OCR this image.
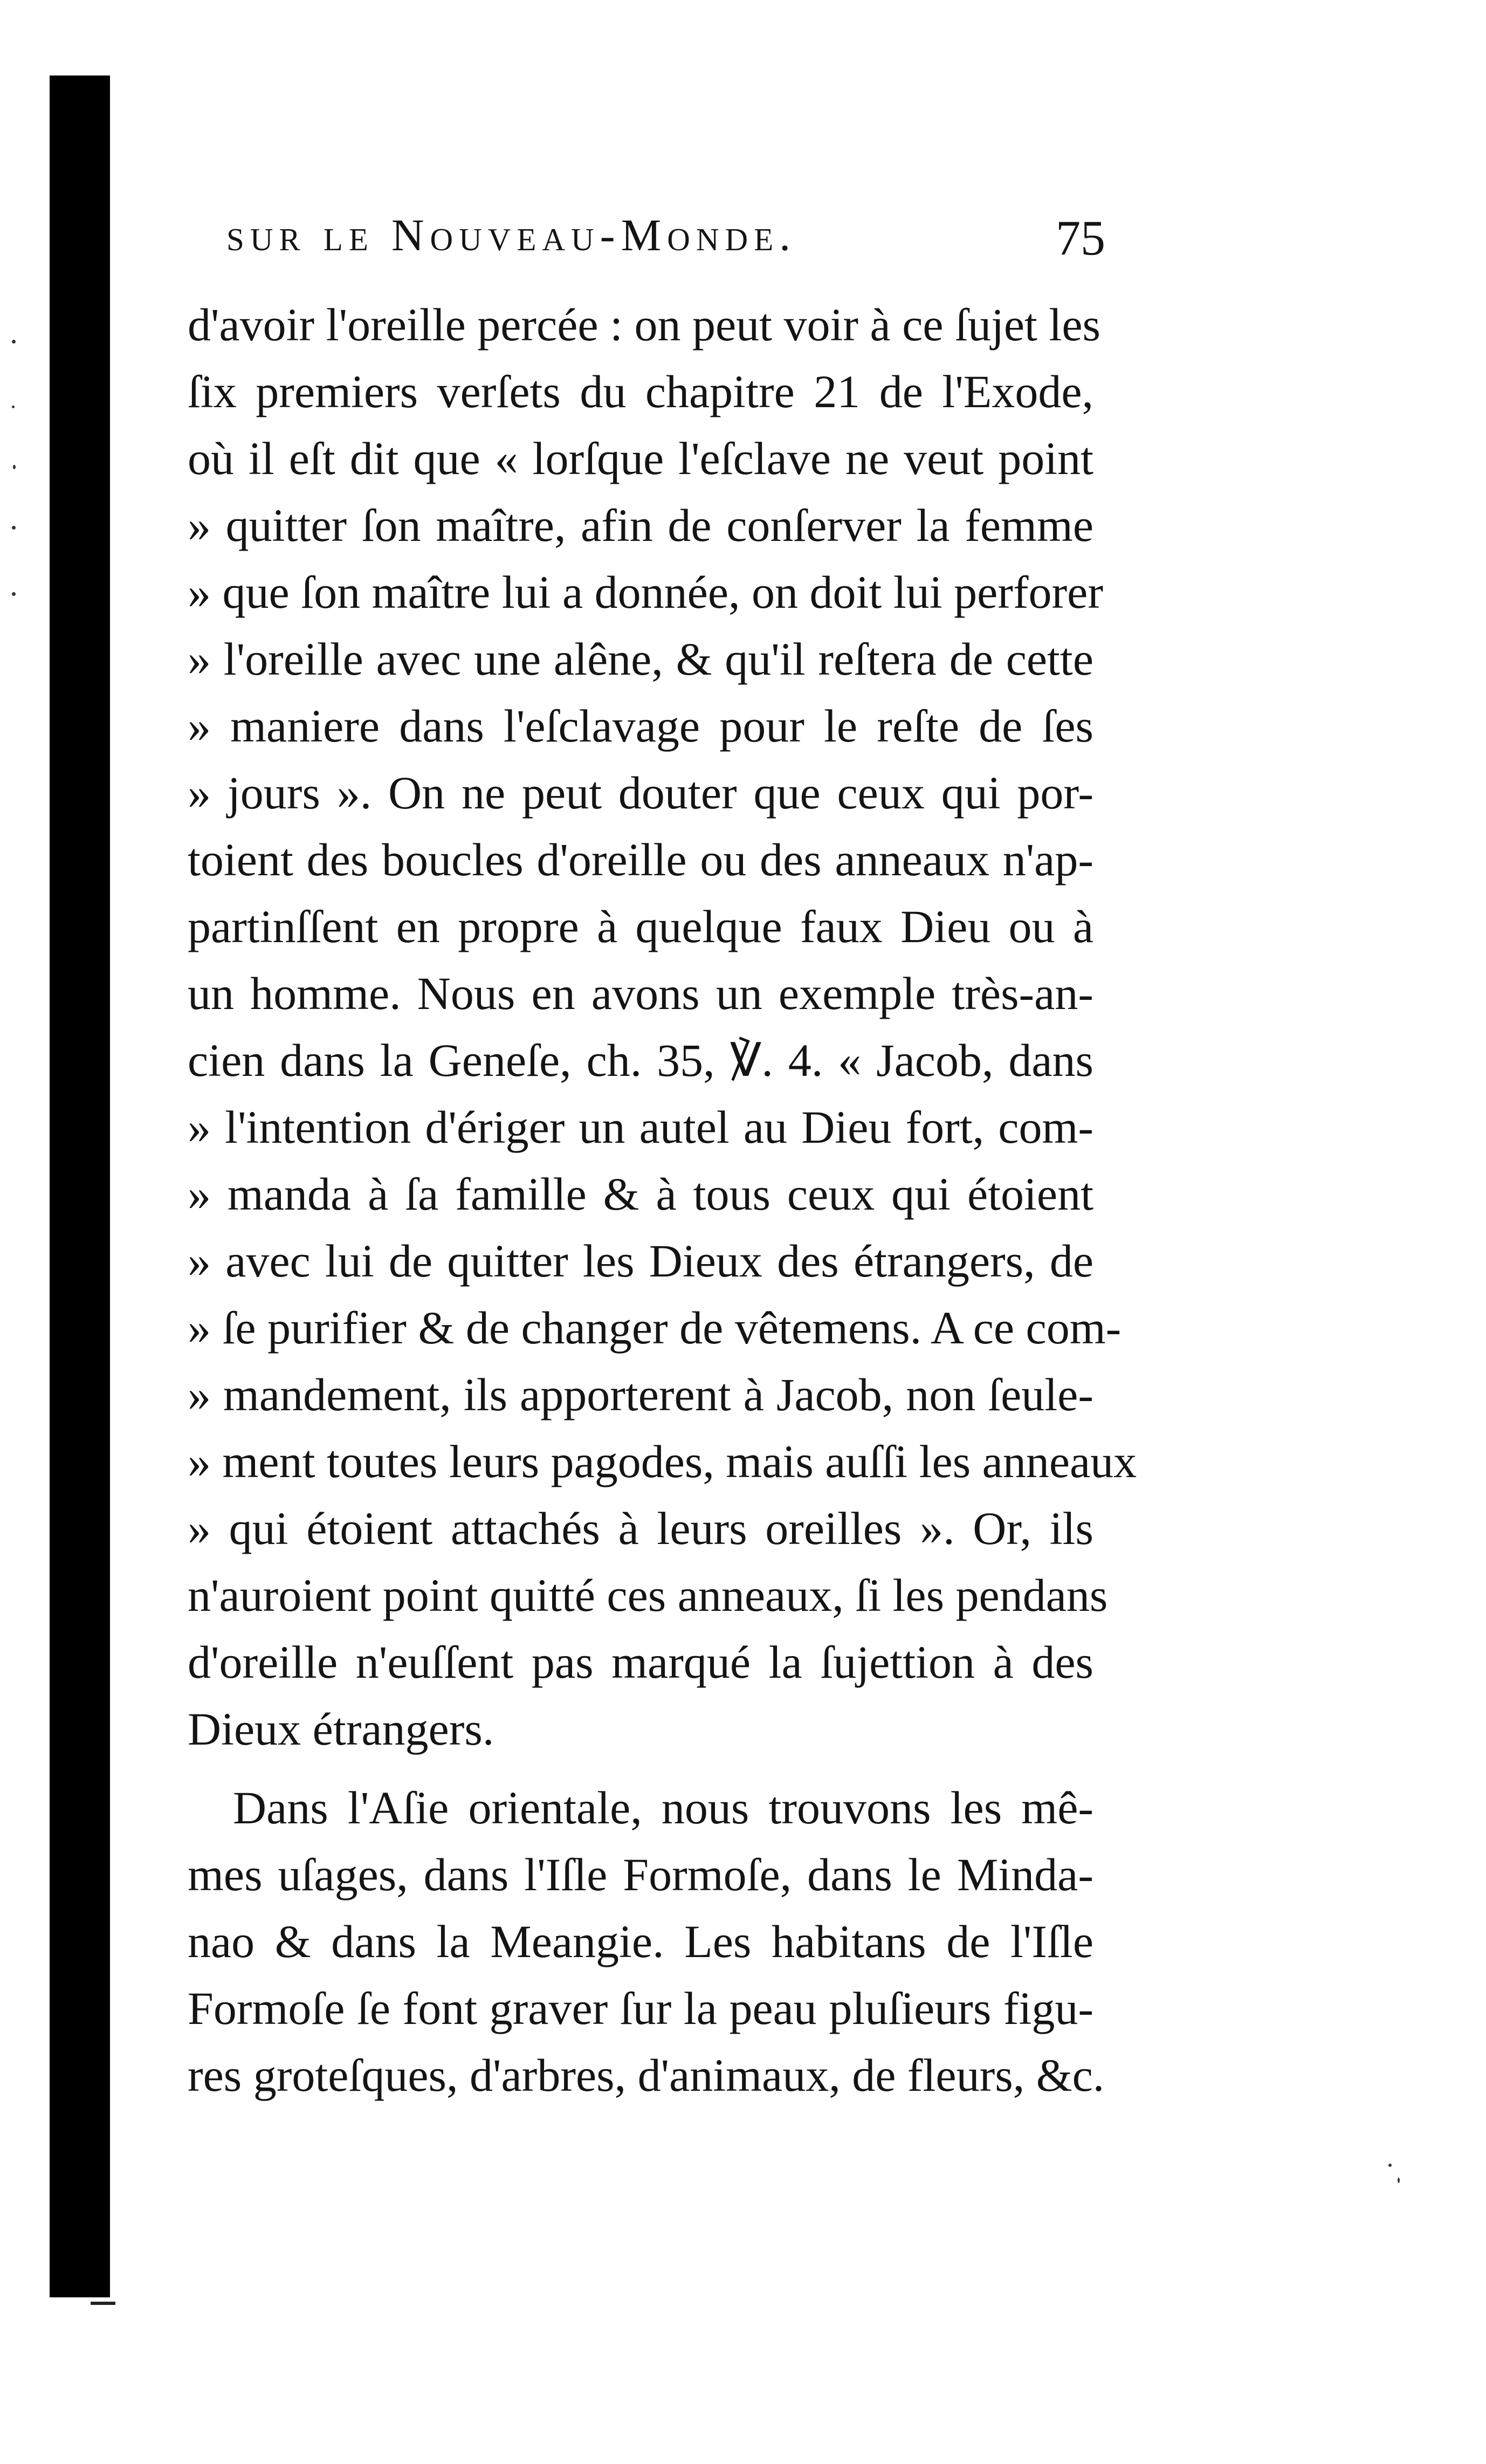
sur le Nouveau-Monde.	75
d'avoir l'oreille percée : on peut voir à ce ſujet les
ſix premiers verſets du chapitre 21 de l'Exode,
où il eſt dit que « lorſque l'eſclave ne veut point
» quitter ſon maître, afin de conſerver la femme
» que ſon maître lui a donnée, on doit lui perforer
» l'oreille avec une alêne, & qu'il reſtera de cette
» maniere dans l'eſclavage pour le reſte de ſes
» jours ». On ne peut douter que ceux qui por-
toient des boucles d'oreille ou des anneaux n'ap-
partinſſent en propre à quelque faux Dieu ou à
un homme. Nous en avons un exemple très-an-
cien dans la Geneſe, ch. 35, ℣. 4. « Jacob, dans
» l'intention d'ériger un autel au Dieu fort, com-
» manda à ſa famille & à tous ceux qui étoient
» avec lui de quitter les Dieux des étrangers, de
» ſe purifier & de changer de vêtemens. A ce com-
» mandement, ils apporterent à Jacob, non ſeule-
» ment toutes leurs pagodes, mais auſſi les anneaux
» qui étoient attachés à leurs oreilles ». Or, ils
n'auroient point quitté ces anneaux, ſi les pendans
d'oreille n'euſſent pas marqué la ſujettion à des
Dieux étrangers.
Dans l'Aſie orientale, nous trouvons les mê-
mes uſages, dans l'Iſle Formoſe, dans le Minda-
nao & dans la Meangie. Les habitans de l'Iſle
Formoſe ſe font graver ſur la peau pluſieurs figu-
res groteſques, d'arbres, d'animaux, de fleurs, &c.
